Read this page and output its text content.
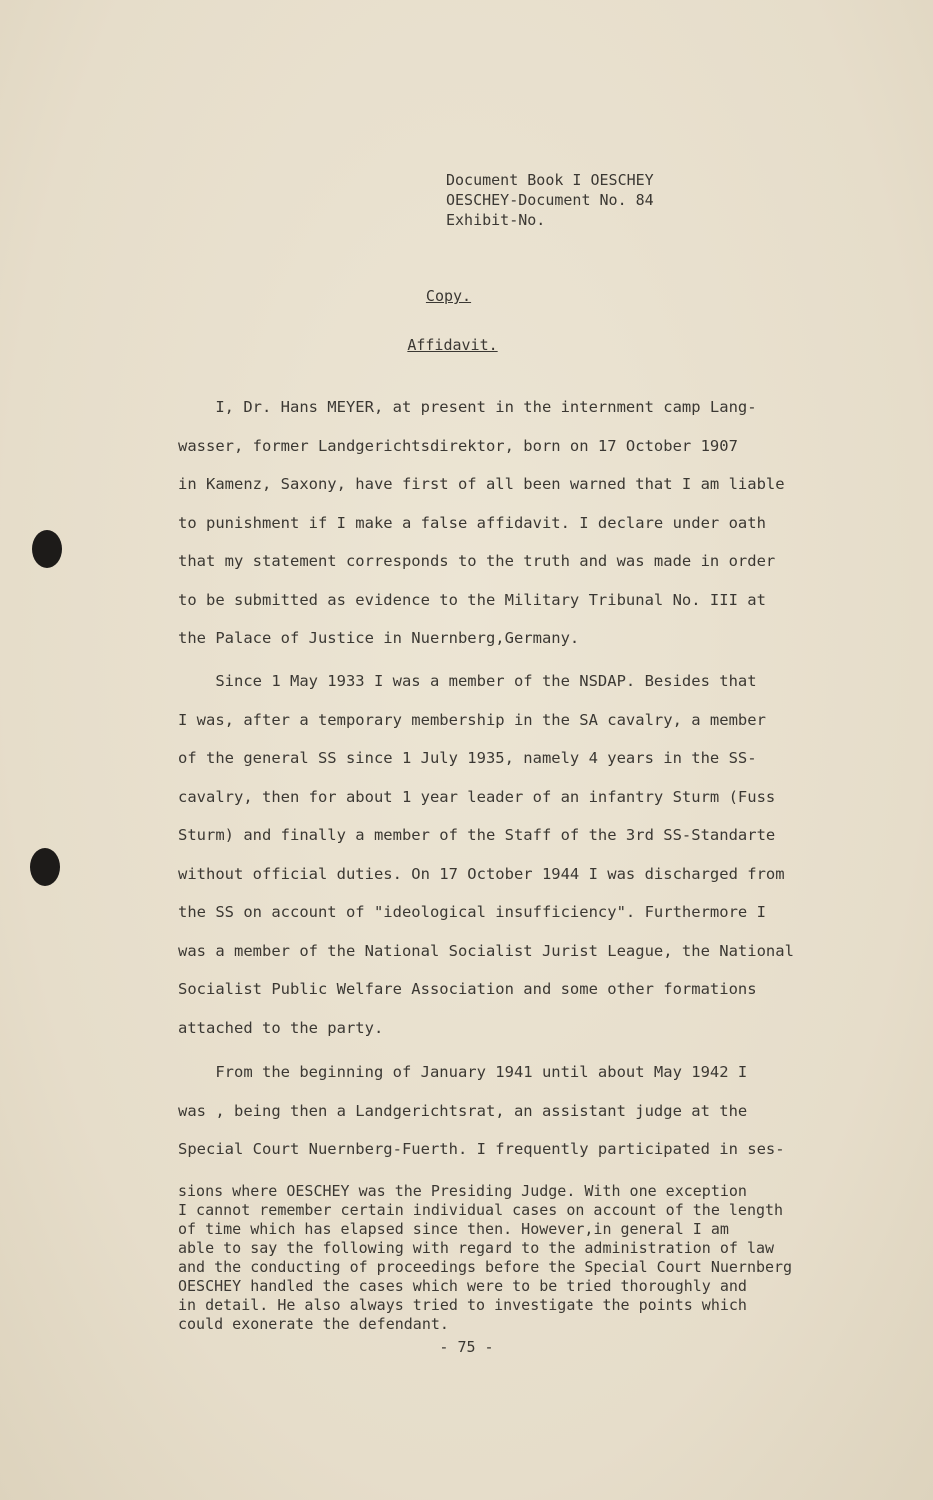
Document Book I OESCHEY
OESCHEY-Document No. 84
Exhibit-No.
Copy.
Affidavit.
I, Dr. Hans MEYER, at present in the internment camp Lang-
wasser, former Landgerichtsdirektor, born on 17 October 1907
in Kamenz, Saxony, have first of all been warned that I am liable
to punishment if I make a false affidavit. I declare under oath
that my statement corresponds to the truth and was made in order
to be submitted as evidence to the Military Tribunal No. III at
the Palace of Justice in Nuernberg,Germany.
Since 1 May 1933 I was a member of the NSDAP. Besides that
I was, after a temporary membership in the SA cavalry, a member
of the general SS since 1 July 1935, namely 4 years in the SS-
cavalry, then for about 1 year leader of an infantry Sturm (Fuss
Sturm) and finally a member of the Staff of the 3rd SS-Standarte
without official duties. On 17 October 1944 I was discharged from
the SS on account of "ideological insufficiency". Furthermore I
was a member of the National Socialist Jurist League, the National
Socialist Public Welfare Association and some other formations
attached to the party.
From the beginning of January 1941 until about May 1942 I
was , being then a Landgerichtsrat, an assistant judge at the
Special Court Nuernberg-Fuerth. I frequently participated in ses-
sions where OESCHEY was the Presiding Judge. With one exception
I cannot remember certain individual cases on account of the length
of time which has elapsed since then. However,in general I am
able to say the following with regard to the administration of law
and the conducting of proceedings before the Special Court Nuernberg
OESCHEY handled the cases which were to be tried thoroughly and
in detail. He also always tried to investigate the points which
could exonerate the defendant.
- 75 -
